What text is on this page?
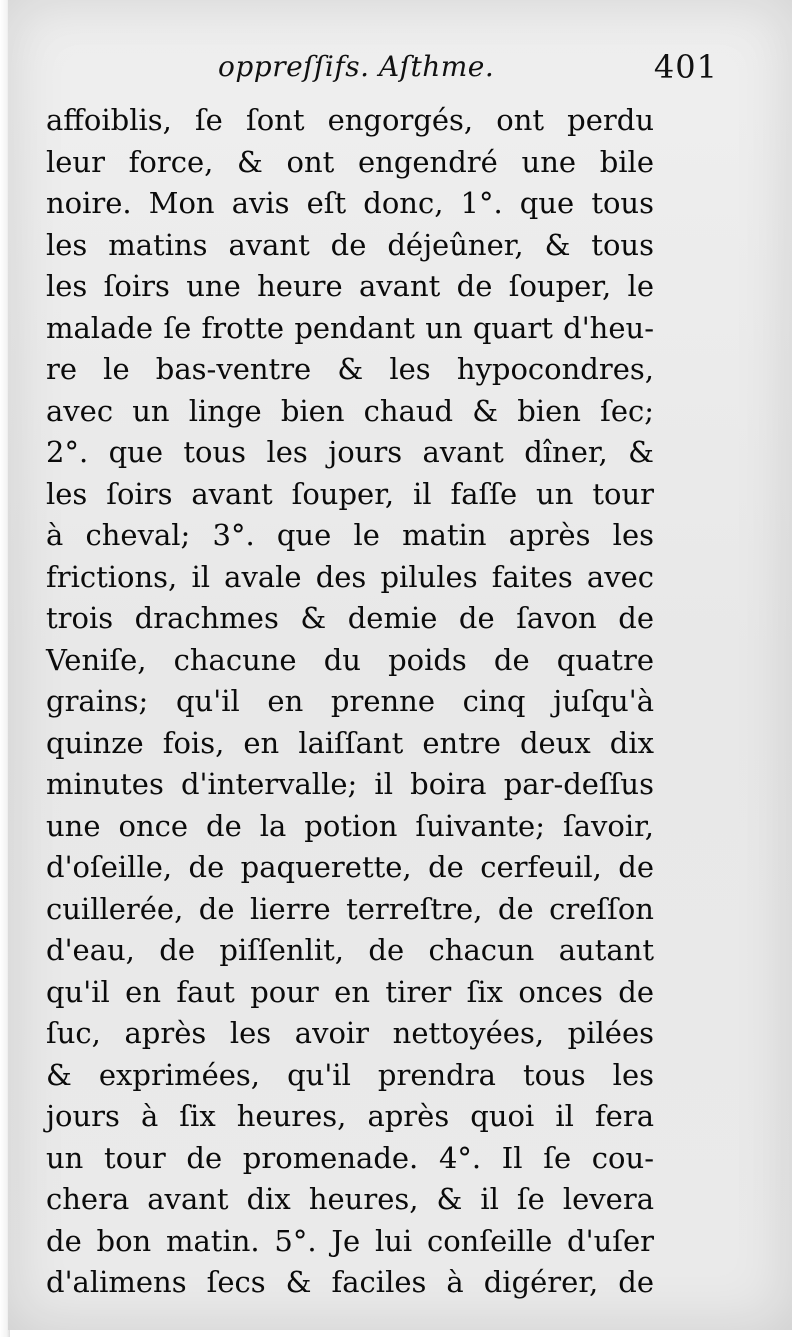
oppreſſifs. Aſthme.	401
affoiblis, ſe ſont engorgés, ont perdu
leur force, & ont engendré une bile
noire. Mon avis eſt donc, 1°. que tous
les matins avant de déjeûner, & tous
les ſoirs une heure avant de ſouper, le
malade ſe frotte pendant un quart d'heu-
re le bas-ventre & les hypocondres,
avec un linge bien chaud & bien ſec;
2°. que tous les jours avant dîner, &
les ſoirs avant ſouper, il faſſe un tour
à cheval; 3°. que le matin après les
frictions, il avale des pilules faites avec
trois drachmes & demie de ſavon de
Veniſe, chacune du poids de quatre
grains; qu'il en prenne cinq juſqu'à
quinze fois, en laiſſant entre deux dix
minutes d'intervalle; il boira par-deſſus
une once de la potion ſuivante; ſavoir,
d'oſeille, de paquerette, de cerfeuil, de
cuillerée, de lierre terreſtre, de creſſon
d'eau, de piſſenlit, de chacun autant
qu'il en faut pour en tirer ſix onces de
ſuc, après les avoir nettoyées, pilées
& exprimées, qu'il prendra tous les
jours à ſix heures, après quoi il fera
un tour de promenade. 4°. Il ſe cou-
chera avant dix heures, & il ſe levera
de bon matin. 5°. Je lui conſeille d'uſer
d'alimens ſecs & faciles à digérer, de
